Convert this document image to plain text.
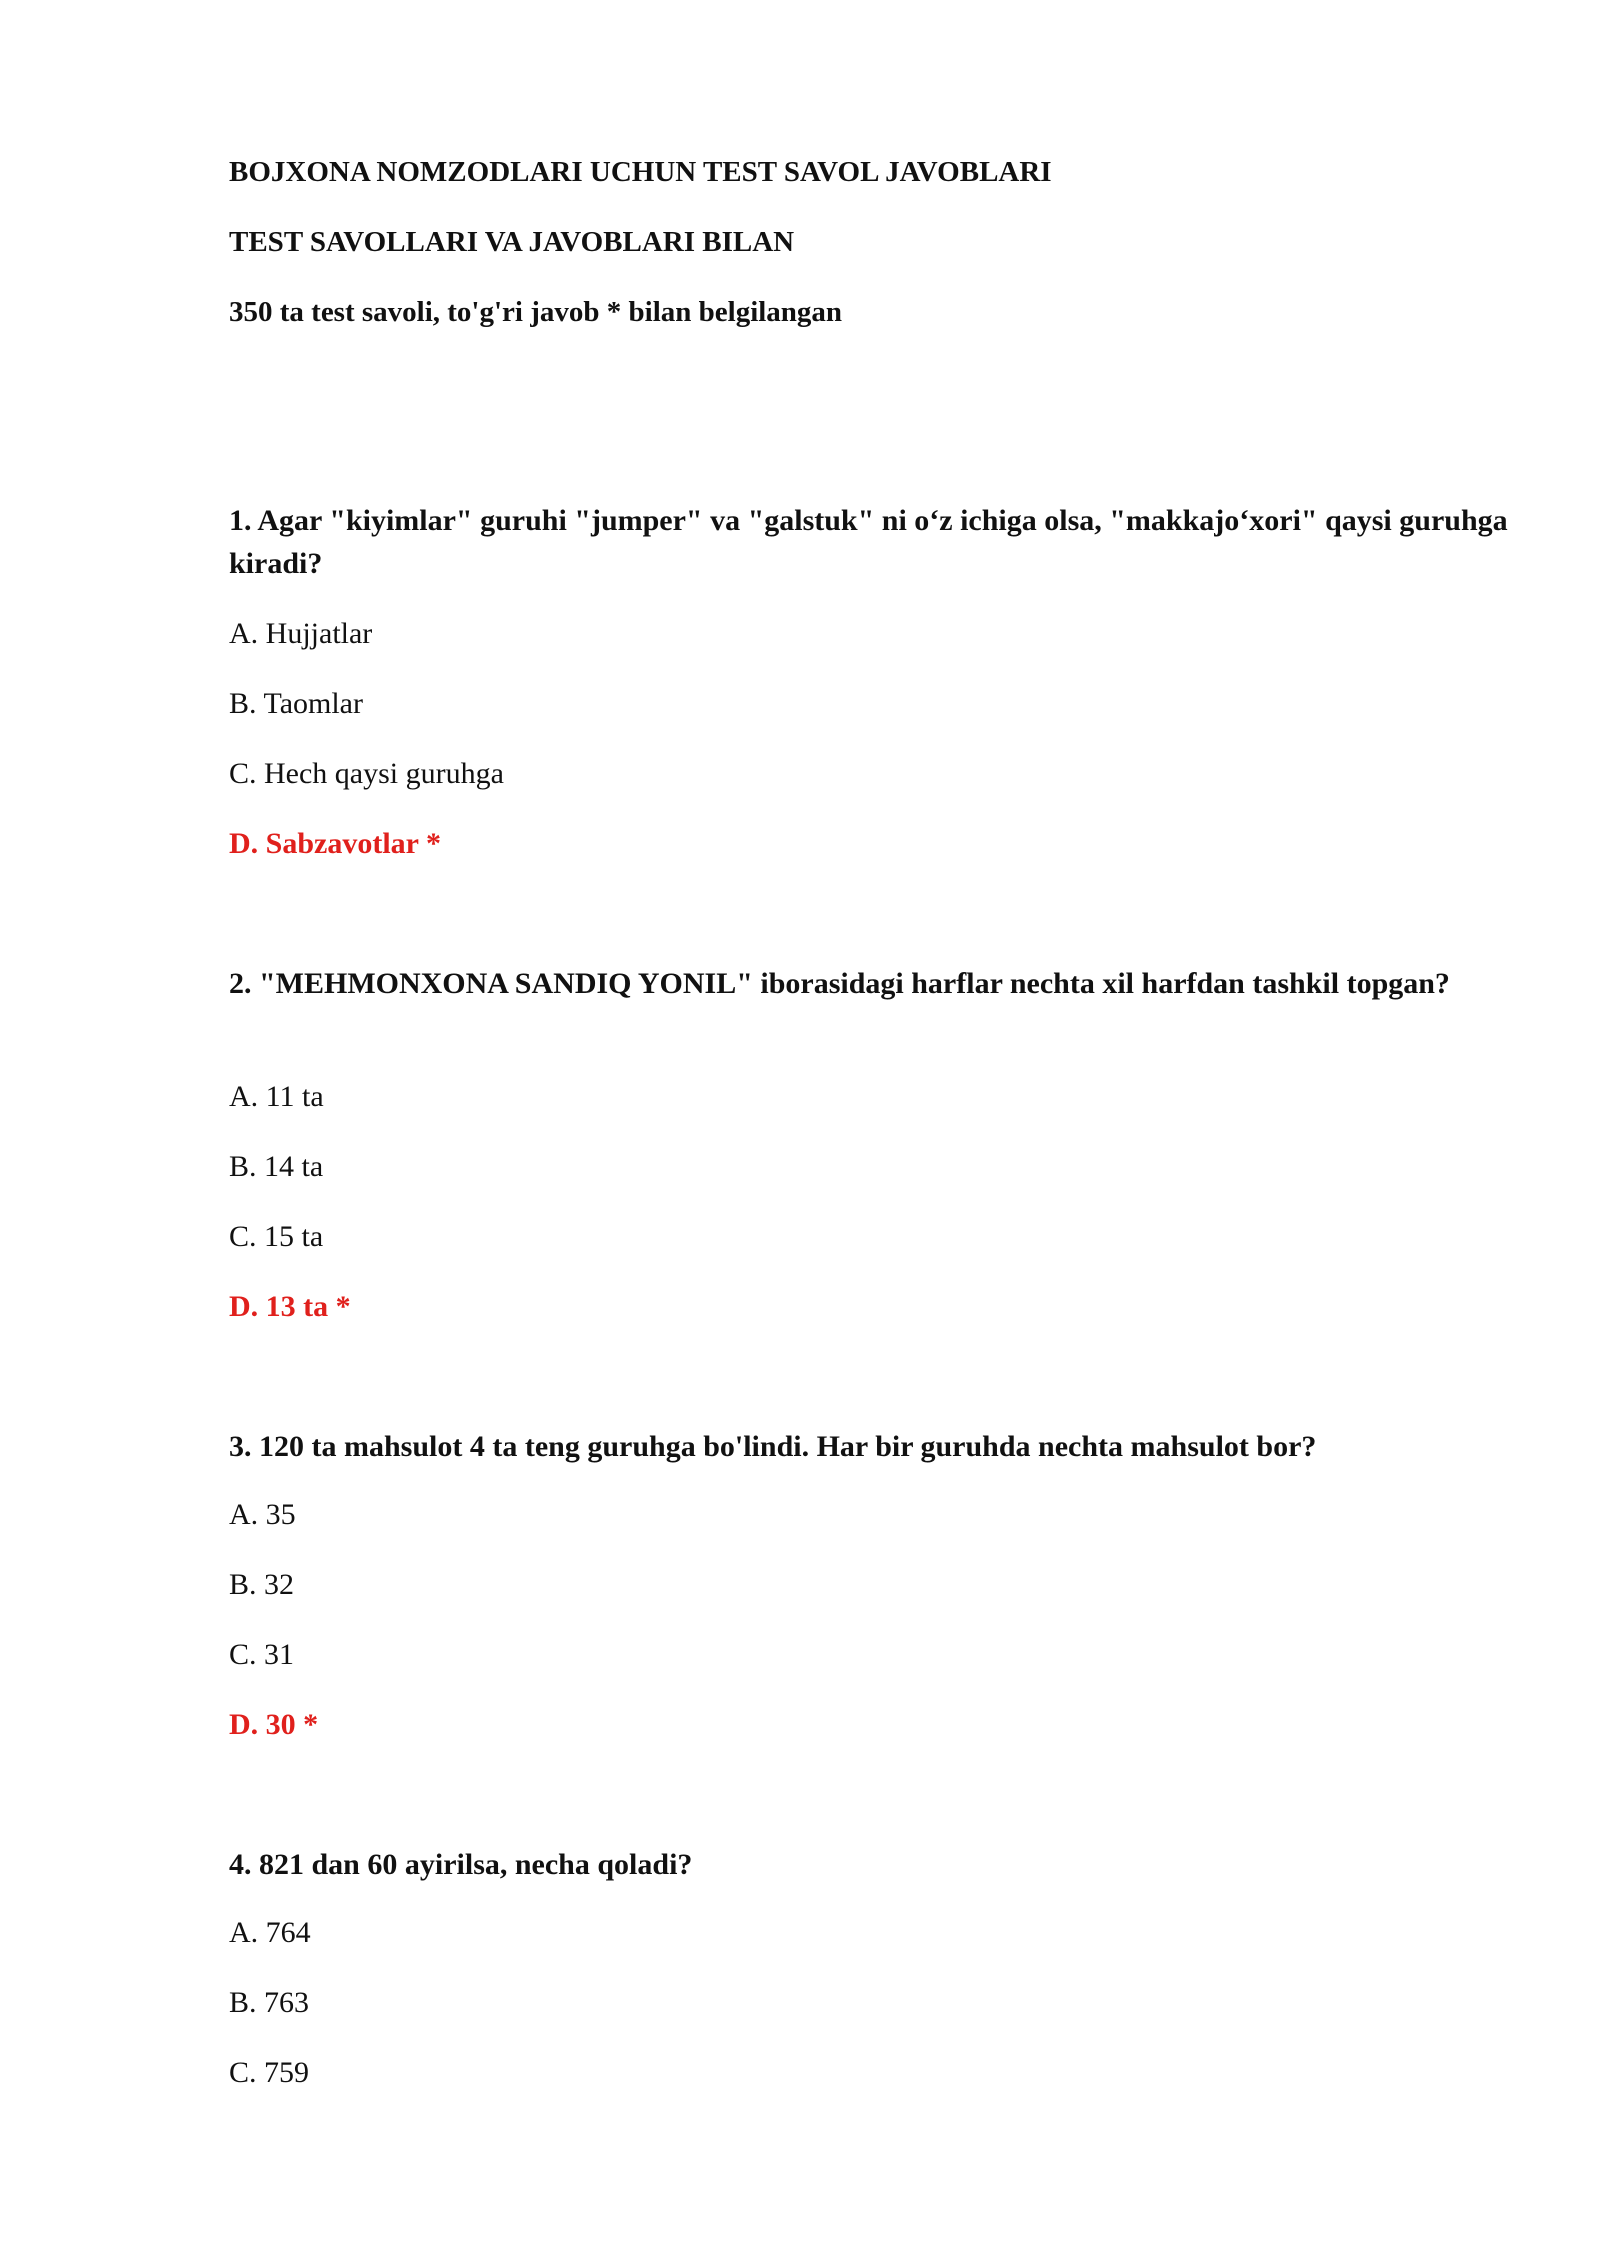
BOJXONA NOMZODLARI UCHUN TEST SAVOL JAVOBLARI
TEST SAVOLLARI VA JAVOBLARI BILAN
350 ta test savoli, to'g'ri javob * bilan belgilangan
1. Agar "kiyimlar" guruhi "jumper" va "galstuk" ni o‘z ichiga olsa, "makkajo‘xori" qaysi guruhga kiradi?
A. Hujjatlar
B. Taomlar
C. Hech qaysi guruhga
D. Sabzavotlar *
2. "MEHMONXONA SANDIQ YONIL" iborasidagi harflar nechta xil harfdan tashkil topgan?
A. 11 ta
B. 14 ta
C. 15 ta
D. 13 ta *
3. 120 ta mahsulot 4 ta teng guruhga bo'lindi. Har bir guruhda nechta mahsulot bor?
A. 35
B. 32
C. 31
D. 30 *
4. 821 dan 60 ayirilsa, necha qoladi?
A. 764
B. 763
C. 759
